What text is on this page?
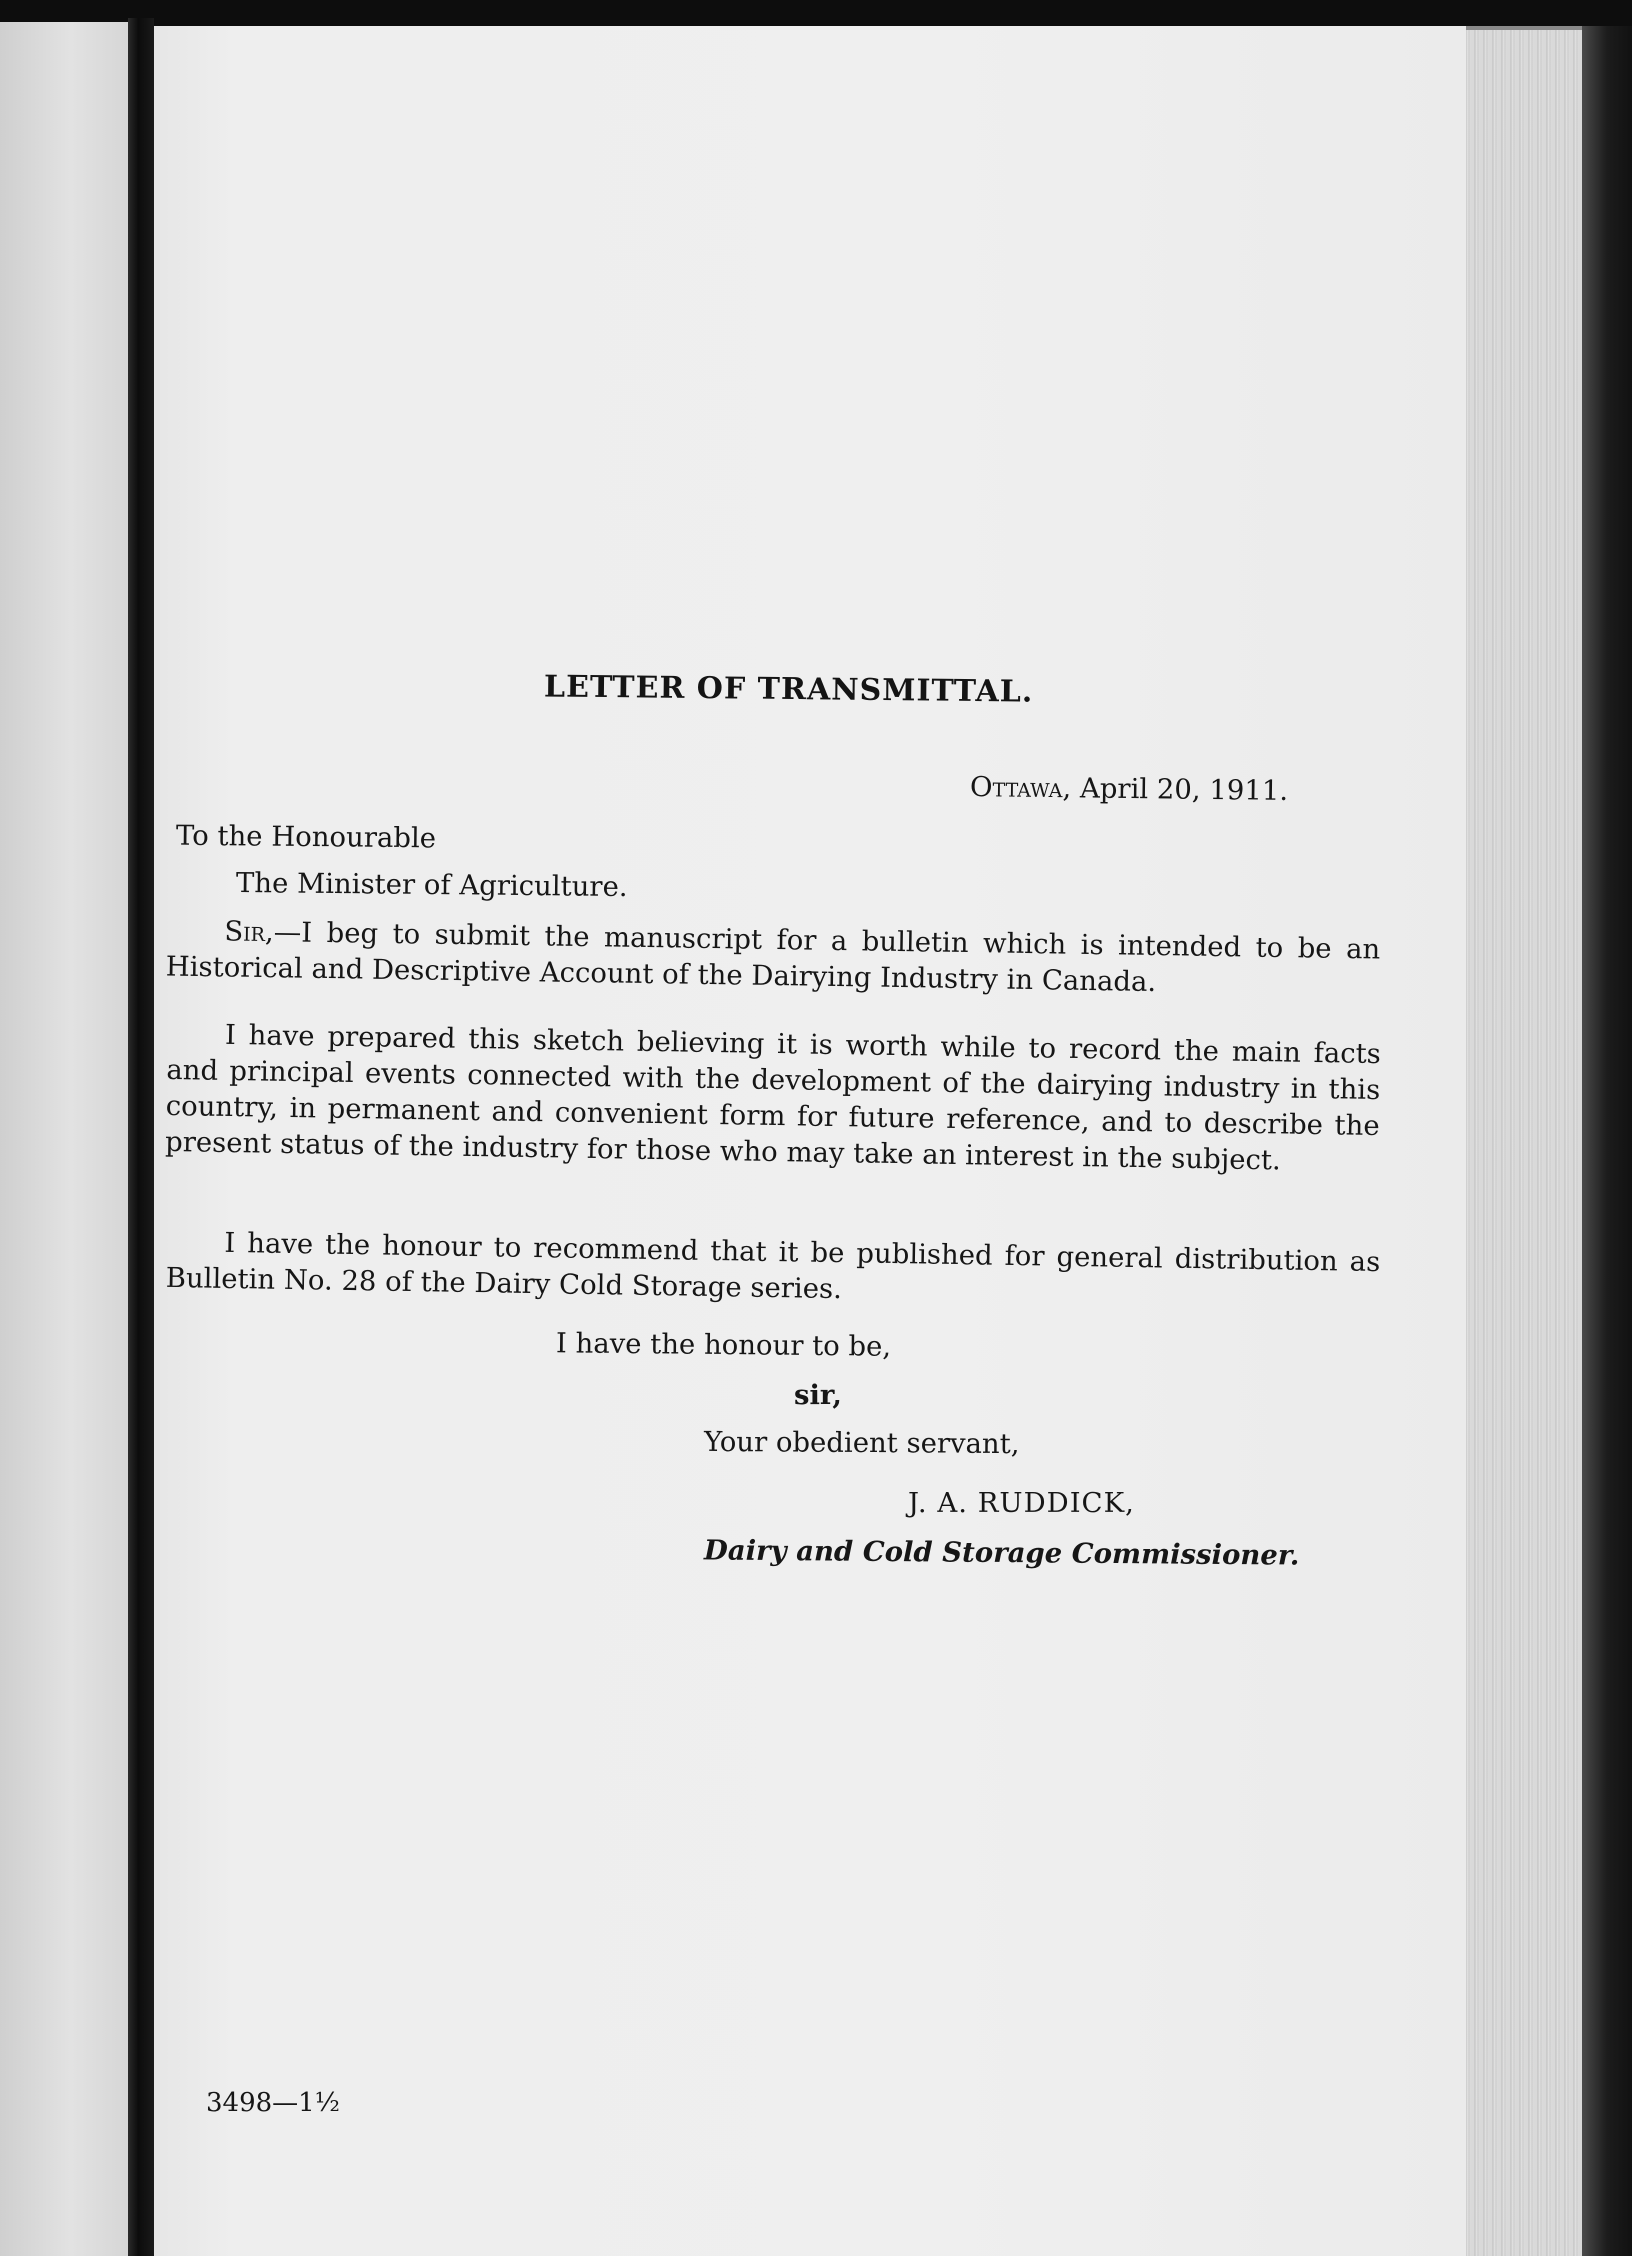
LETTER OF TRANSMITTAL.
Ottawa, April 20, 1911.
To the Honourable
The Minister of Agriculture.

Sir,—I beg to submit the manuscript for a bulletin which is intended to be an Historical and Descriptive Account of the Dairying Industry in Canada.

I have prepared this sketch believing it is worth while to record the main facts and principal events connected with the development of the dairying industry in this country, in permanent and convenient form for future reference, and to describe the present status of the industry for those who may take an interest in the subject.

I have the honour to recommend that it be published for general distribution as Bulletin No. 28 of the Dairy Cold Storage series.

I have the honour to be,
sir,
Your obedient servant,
J. A. RUDDICK,
Dairy and Cold Storage Commissioner.
3498—1½
